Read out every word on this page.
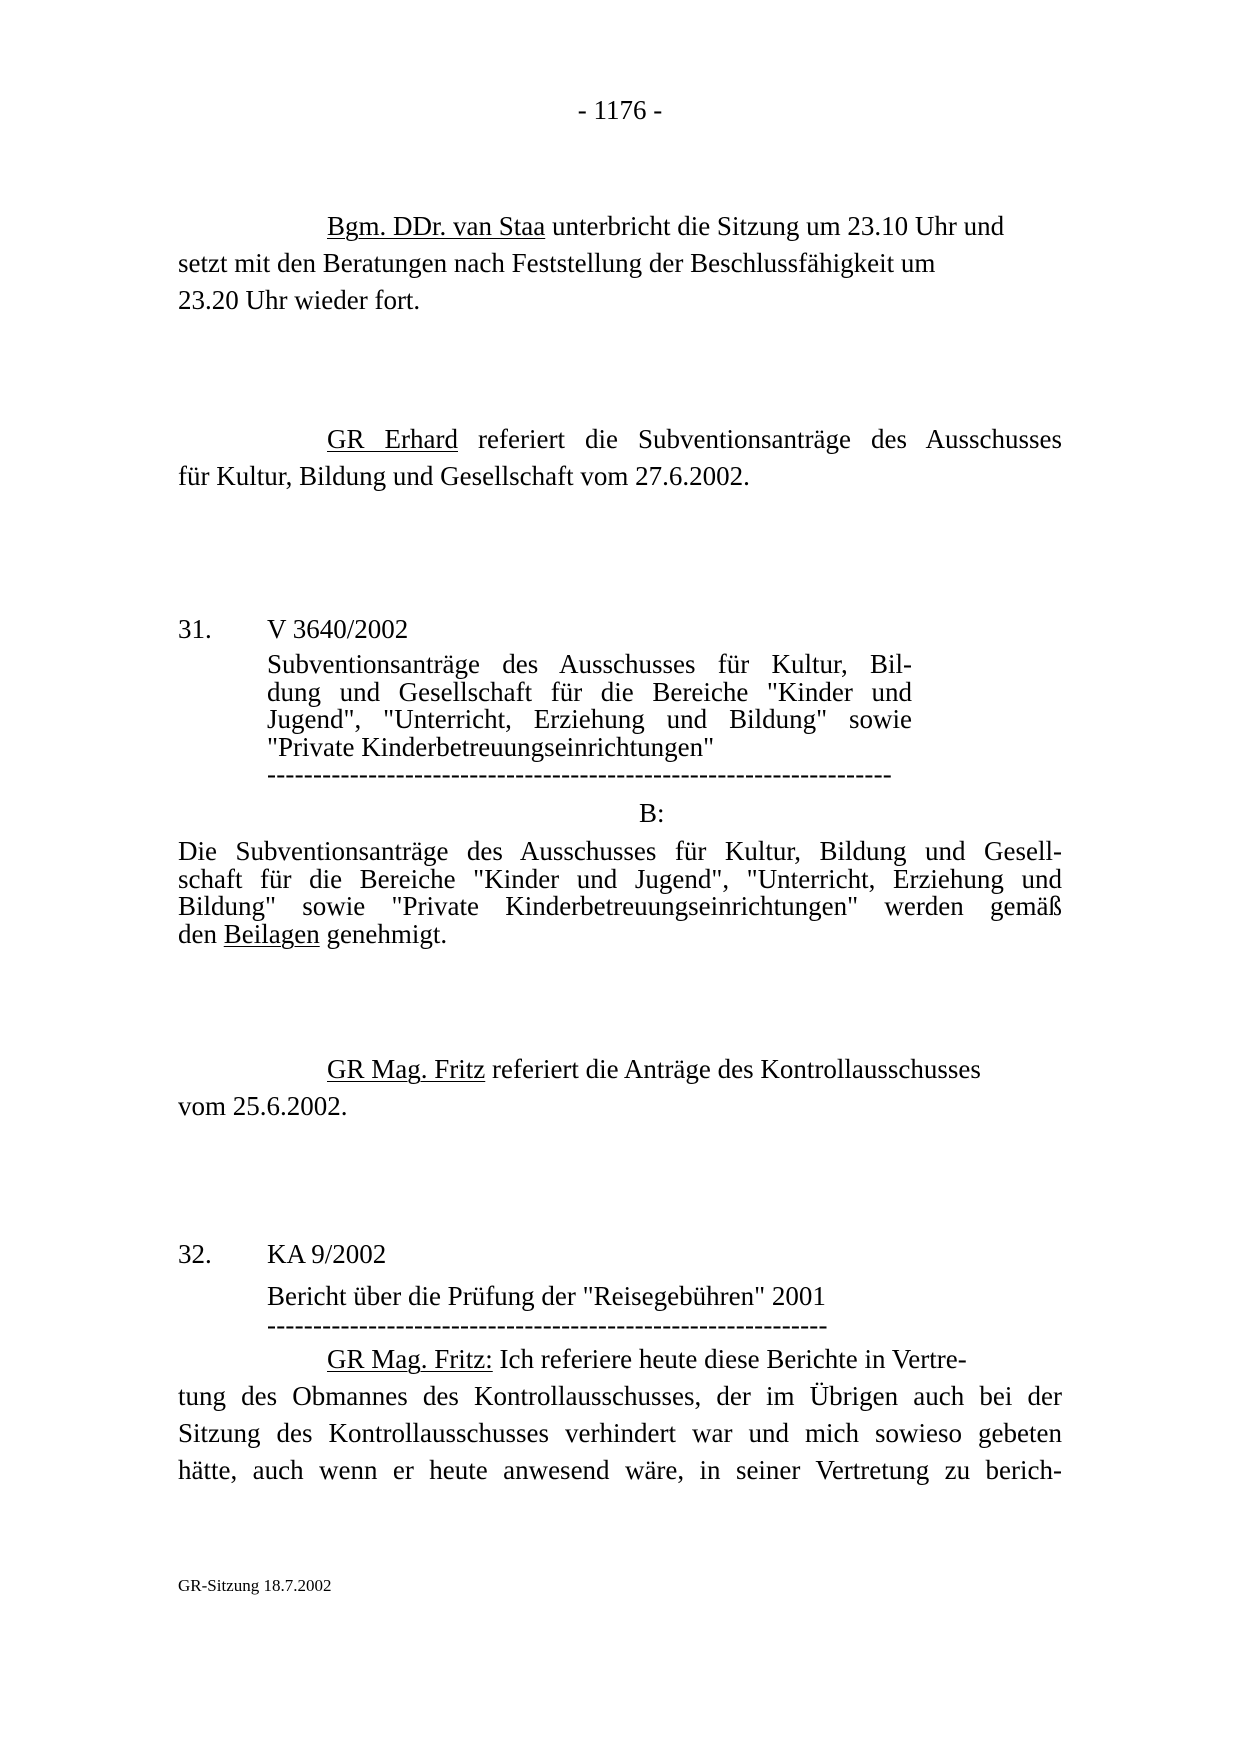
- 1176 -
Bgm. DDr. van Staa unterbricht die Sitzung um 23.10 Uhr und
setzt mit den Beratungen nach Feststellung der Beschlussfähigkeit um
23.20 Uhr wieder fort.
GR Erhard referiert die Subventionsanträge des Ausschusses
für Kultur, Bildung und Gesellschaft vom 27.6.2002.
31. V 3640/2002
Subventionsanträge des Ausschusses für Kultur, Bil-
dung und Gesellschaft für die Bereiche "Kinder und
Jugend", "Unterricht, Erziehung und Bildung" sowie
"Private Kinderbetreuungseinrichtungen"
--------------------------------------------------------------------
B:
Die Subventionsanträge des Ausschusses für Kultur, Bildung und Gesell-
schaft für die Bereiche "Kinder und Jugend", "Unterricht, Erziehung und
Bildung" sowie "Private Kinderbetreuungseinrichtungen" werden gemäß
den Beilagen genehmigt.
GR Mag. Fritz referiert die Anträge des Kontrollausschusses
vom 25.6.2002.
32. KA 9/2002
Bericht über die Prüfung der "Reisegebühren" 2001
-------------------------------------------------------------
GR Mag. Fritz: Ich referiere heute diese Berichte in Vertre-
tung des Obmannes des Kontrollausschusses, der im Übrigen auch bei der
Sitzung des Kontrollausschusses verhindert war und mich sowieso gebeten
hätte, auch wenn er heute anwesend wäre, in seiner Vertretung zu berich-
GR-Sitzung 18.7.2002
